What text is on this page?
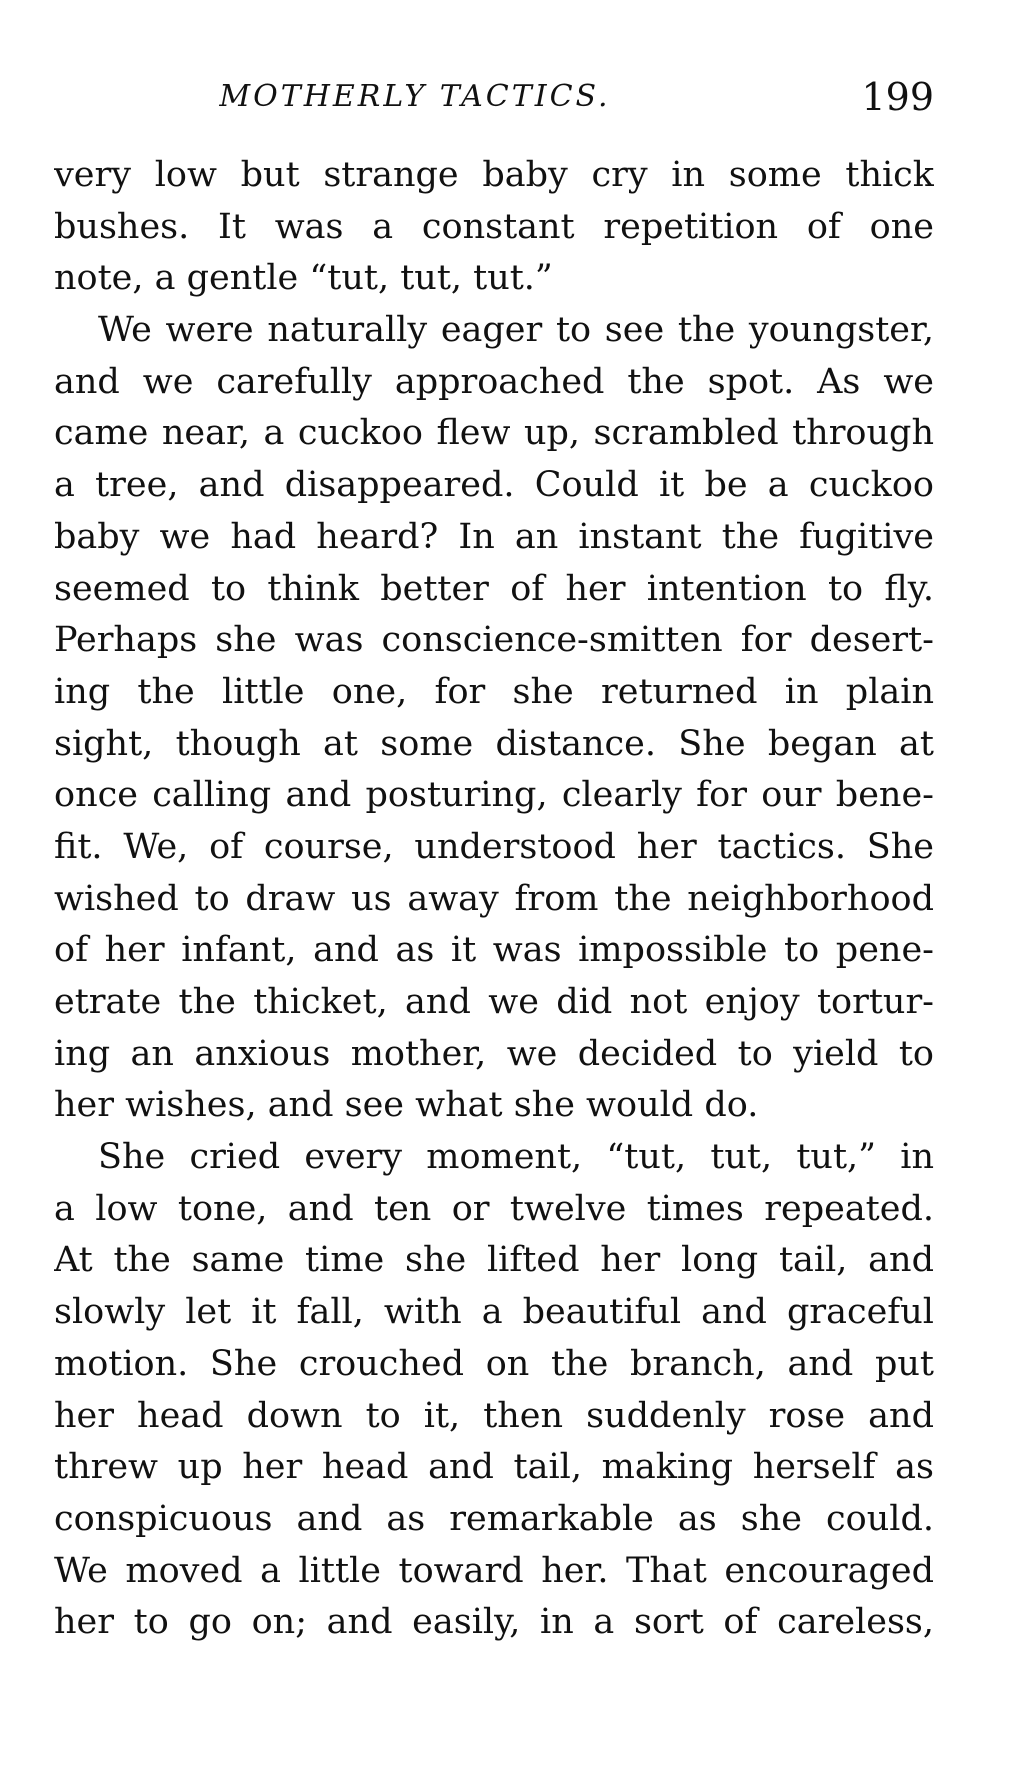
MOTHERLY TACTICS.	199
very low but strange baby cry in some thick
bushes. It was a constant repetition of one
note, a gentle “tut, tut, tut.”
We were naturally eager to see the youngster,
and we carefully approached the spot. As we
came near, a cuckoo flew up, scrambled through
a tree, and disappeared. Could it be a cuckoo
baby we had heard? In an instant the fugitive
seemed to think better of her intention to fly.
Perhaps she was conscience-smitten for desert-
ing the little one, for she returned in plain
sight, though at some distance. She began at
once calling and posturing, clearly for our bene-
fit. We, of course, understood her tactics. She
wished to draw us away from the neighborhood
of her infant, and as it was impossible to pene-
etrate the thicket, and we did not enjoy tortur-
ing an anxious mother, we decided to yield to
her wishes, and see what she would do.
She cried every moment, “tut, tut, tut,” in
a low tone, and ten or twelve times repeated.
At the same time she lifted her long tail, and
slowly let it fall, with a beautiful and graceful
motion. She crouched on the branch, and put
her head down to it, then suddenly rose and
threw up her head and tail, making herself as
conspicuous and as remarkable as she could.
We moved a little toward her. That encouraged
her to go on; and easily, in a sort of careless,
